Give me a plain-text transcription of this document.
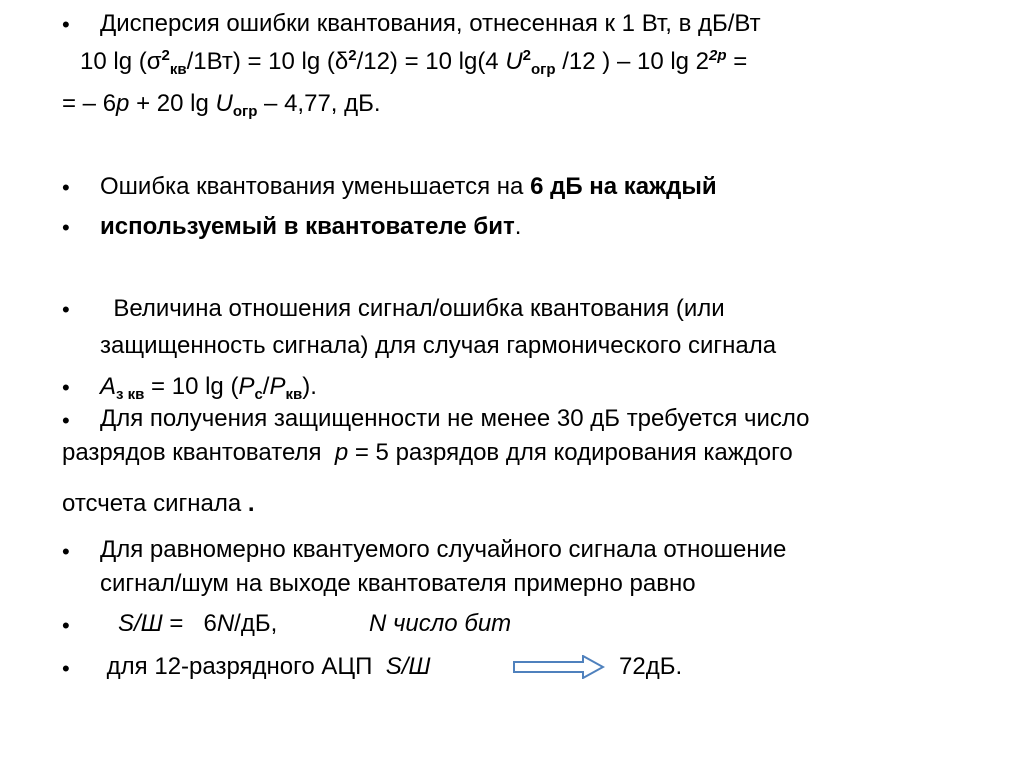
• Дисперсия ошибки квантования, отнесенная к 1 Вт, в дБ/Вт
10 $\lg (\sigma^2_{кв}/1Вт) = 10$ $\lg (\delta^2/12) = 10$ lg(4 $U^2_{огр}$ /12 ) – 10 $\lg 2^{2p}$ =
= – 6p + 20 $\lg U_{огр} - 4,77$, дБ.
• Ошибка квантования уменьшается на 6 дБ на каждый
• используемый в квантователе бит.
• Величина отношения сигнал/ошибка квантования (или
защищенность сигнала) для случая гармонического сигнала
• $A_{з кв} = 10$ $\lg (P_с/P_{кв})$.
• Для получения защищенности не менее 30 дБ требуется число
разрядов квантователя  p = 5 разрядов для кодирования каждого
отсчета сигнала .
• Для равномерно квантуемого случайного сигнала отношение
сигнал/шум на выходе квантователя примерно равно
• S/Ш =   6N/дБ,	N число бит
• для 12-разрядного АЦП  S/Ш	72дБ.
